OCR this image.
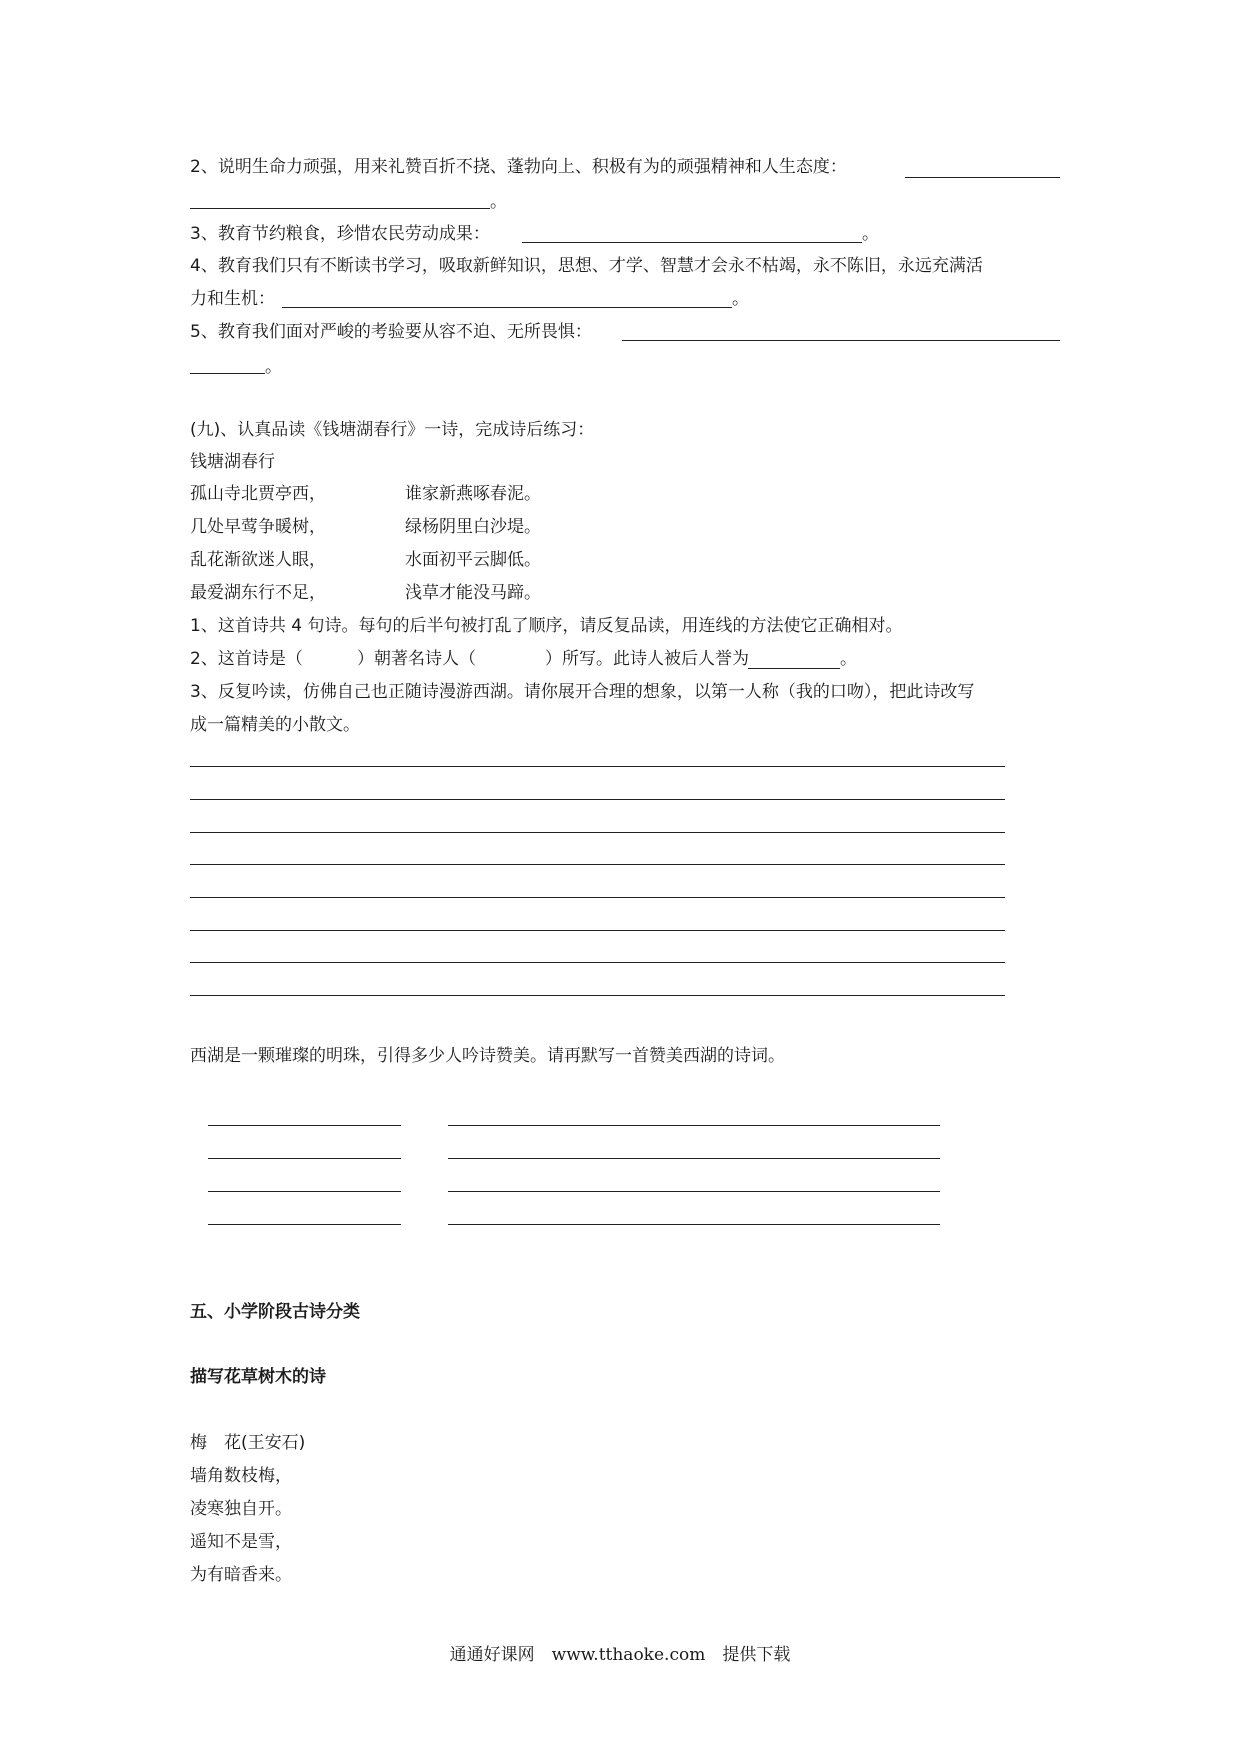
2、说明生命力顽强，用来礼赞百折不挠、蓬勃向上、积极有为的顽强精神和人生态度：
。
3、教育节约粮食，珍惜农民劳动成果：	。
4、教育我们只有不断读书学习，吸取新鲜知识，思想、才学、智慧才会永不枯竭，永不陈旧，永远充满活
力和生机：	。
5、教育我们面对严峻的考验要从容不迫、无所畏惧：
。
(九)、认真品读《钱塘湖春行》一诗，完成诗后练习：
钱塘湖春行
孤山寺北贾亭西，	谁家新燕啄春泥。
几处早莺争暖树，	绿杨阴里白沙堤。
乱花渐欲迷人眼，	水面初平云脚低。
最爱湖东行不足，	浅草才能没马蹄。
1、这首诗共 4 句诗。每句的后半句被打乱了顺序，请反复品读，用连线的方法使它正确相对。
2、这首诗是（	）朝著名诗人（	）所写。此诗人被后人誉为	。
3、反复吟读，仿佛自己也正随诗漫游西湖。请你展开合理的想象，以第一人称（我的口吻），把此诗改写
成一篇精美的小散文。
西湖是一颗璀璨的明珠，引得多少人吟诗赞美。请再默写一首赞美西湖的诗词。
五、小学阶段古诗分类
描写花草树木的诗
梅　花(王安石)
墙角数枝梅，
凌寒独自开。
遥知不是雪，
为有暗香来。
通通好课网　www.tthaoke.com　提供下载
